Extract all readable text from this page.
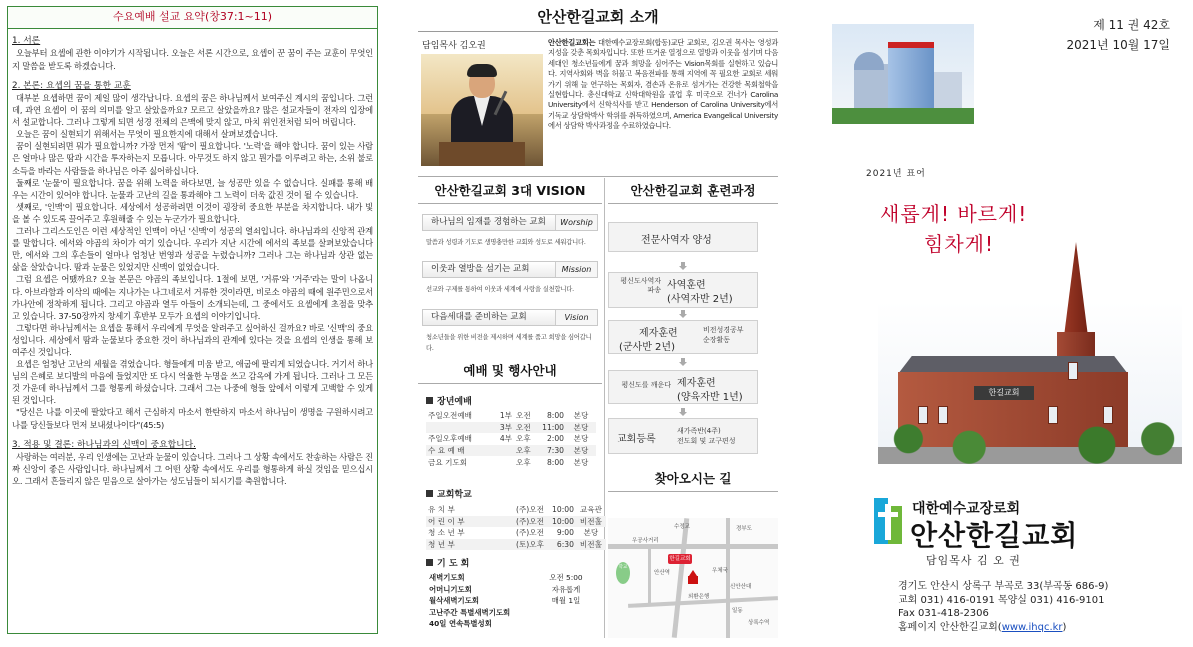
수요예배 설교 요약(창37:1~11)
1. 서론

오늘부터 요셉에 관한 이야기가 시작됩니다. 오늘은 서론 시간으로, 요셉이 꾼 꿈이 주는 교훈이 무엇인지 말씀을 받도록 하겠습니다.

2. 본론: 요셉의 꿈을 통한 교훈

대부분 요셉하면 꿈이 제일 많이 생각납니다. 요셉의 꿈은 하나님께서 보여주신 계시의 꿈입니다. 그런데, 과연 요셉이 이 꿈의 의미를 알고 살았을까요? 모르고 살았을까요? 많은 설교자들이 전자의 입장에서 설교합니다. 그러나 그렇게 되면 성경 전체의 은맥에 맞지 않고, 마치 위인전처럼 되어 버립니다.

오늘은 꿈이 실현되기 위해서는 무엇이 필요한지에 대해서 살펴보겠습니다.

꿈이 실현되려면 뭐가 필요합니까? 가장 먼저 '땀'이 필요합니다. '노력'을 해야 합니다. 꿈이 있는 사람은 얼마나 많은 땀과 시간을 투자하는지 모릅니다. 아무것도 하지 않고 뭔가를 이루려고 하는, 소위 불로소득을 바라는 사람들을 하나님은 아주 싫어하십니다.

둘째로 '눈물'이 필요합니다. 꿈을 위해 노력을 하다보면, 늘 성공만 있을 수 없습니다. 실패를 통해 배우는 시간이 있어야 합니다. 눈물과 고난의 길을 통과해야 그 노력이 더욱 값진 것이 될 수 있습니다.

셋째로, '인맥'이 필요합니다. 세상에서 성공하려면 이것이 굉장히 중요한 부분을 차지합니다. 내가 빛을 볼 수 있도록 끌어주고 후원해줄 수 있는 누군가가 필요합니다.

그러나 그리스도인은 이런 세상적인 인맥이 아닌 '신맥'이 성공의 열쇠입니다. 하나님과의 신앙적 관계를 말합니다. 에서와 야곱의 차이가 여기 있습니다. 우리가 지난 시간에 에서의 족보를 살펴보았습니다만, 에서와 그의 후손들이 얼마나 엄청난 번영과 성공을 누렸습니까? 그러나 그는 하나님과 상관 없는 삶을 살았습니다. 땀과 눈물은 있었지만 신맥이 없었습니다.

그럼 요셉은 어땠까요? 오늘 본문은 야곱의 족보입니다. 1절에 보면, '거류'와 '거주'라는 말이 나옵니다. 아브라함과 이삭의 때에는 지나가는 나그네로서 거류한 것이라면, 비로소 야곱의 때에 원주민으로서 가나안에 정착하게 됩니다. 그리고 야곱과 열두 아들이 소개되는데, 그 중에서도 요셉에게 초점을 맞추고 있습니다. 37-50장까지 창세기 후반부 모두가 요셉의 이야기입니다.

그렇다면 하나님께서는 요셉을 통해서 우리에게 무엇을 알려주고 싶어하신 걸까요? 바로 '신맥'의 중요성입니다. 세상에서 땀과 눈물보다 중요한 것이 하나님과의 관계에 있다는 것을 요셉의 인생을 통해 보여주신 것입니다.

요셉은 엄청난 고난의 세월을 겪었습니다. 형들에게 미움 받고, 애굽에 팔리게 되었습니다. 거기서 하나님의 은혜로 보디발의 마음에 들었지만 또 다시 억울한 누명을 쓰고 감옥에 가게 됩니다. 그러나 그 모든 것 가운데 하나님께서 그를 형통케 하셨습니다. 그래서 그는 나중에 형들 앞에서 이렇게 고백할 수 있게 된 것입니다.

"당신은 나를 이곳에 팔았다고 해서 근심하지 마소서 한탄하지 마소서 하나님이 생명을 구원하시려고 나를 당신들보다 먼저 보내셨나이다"(45:5)

3. 적용 및 결론: 하나님과의 신맥이 중요합니다.

사랑하는 여러분, 우리 인생에는 고난과 눈물이 있습니다. 그러나 그 상황 속에서도 찬송하는 사람은 진짜 신앙이 좋은 사람입니다. 하나님께서 그 어떤 상황 속에서도 우리를 형통하게 하실 것임을 믿으십시오. 그래서 흔들리지 않은 믿음으로 살아가는 성도님들이 되시기를 축원합니다.

안산한길교회 소개
담임목사 김오권	안산한길교회는 대한예수교장로회(합동)교단 교회로, 김오권 목사는 영성과 지성을 갖춘 목회자입니다. 또한 뜨거운 열정으로 열방과 이웃을 섬기며 다음세대인 청소년들에게 꿈과 희망을 심어주는 Vision목회를 실현하고 있습니다. 지역사회와 벽을 허물고 복음전파를 통해 지역에 꼭 필요한 교회로 세워가기 위해 늘 연구하는 목회자, 겸손과 온유로 섬겨가는 건강한 목회철학을 실현합니다. 총신대학교 신학대학원을 졸업 후 미국으로 건너가 Carolina University에서 신학석사를 받고 Henderson of Carolina University에서 기독교 상담학박사 학위를 취득하였으며, America Evangelical University에서 상담학 박사과정을 수료하였습니다.
안산한길교회 3대 VISION
하나님의 임재를 경험하는 교회	Worship
말씀과 성령과 기도로 생명충만한 교회와 성도로 세워갑니다.
이웃과 열방을 섬기는 교회	Mission
선교와 구제를 통하여 이웃과 세계에 사랑을 실천합니다.
다음세대를 준비하는 교회	Vision
청소년들을 위한 비전을 제시하며 세계를 품고 희망을 심어갑니다.
예배 및 행사안내
장년예배
주일오전예배	1부	오전	8:00	본당
	3부	오전	11:00	본당
주일오후예배	4부	오후	2:00	본당
수 요 예 배		오후	7:30	본당
금요 기도회		오후	8:00	본당
교회학교
유 치 부		(주)오전	10:00	교육관
어 린 이 부		(주)오전	10:00	비전홀
청 소 년 부		(주)오전	9:00	본당
청 년 부		(토)오후	6:30	비전홀
기 도 회
새벽기도회	오전 5:00
어머니기도회	자유롭게
월삭새벽기도회	매월 1일
고난주간 특별새벽기도회	
40일 연속특별성회	
안산한길교회 훈련과정
전문사역자 양성
평신도사역자 파송 사역훈련
(사역자반 2년)
제자훈련
(군사반 2년)
비전성경공부
순장활동
평신도를 깨운다 제자훈련
(양육자반 1년)
교회등록
새가족반(4주)
전도회 및 교구편성
찾아오시는 길
수정교	경부도
우공사거리
안산역	우체국
신안산대
외환은행
일동
상록수역
학교
한길교회
제 11 권 42호
2021년 10월 17일
2021년 표어
한길교회
새롭게! 바르게!
힘차게!
대한예수교장로회
안산한길교회
담임목사 김 오 권
경기도 안산시 상록구 부곡로 33(부곡동 686-9)
교회 031) 416-0191 목양실 031) 416-9101
Fax 031-418-2306
홈페이지 안산한길교회(www.ihqc.kr)
